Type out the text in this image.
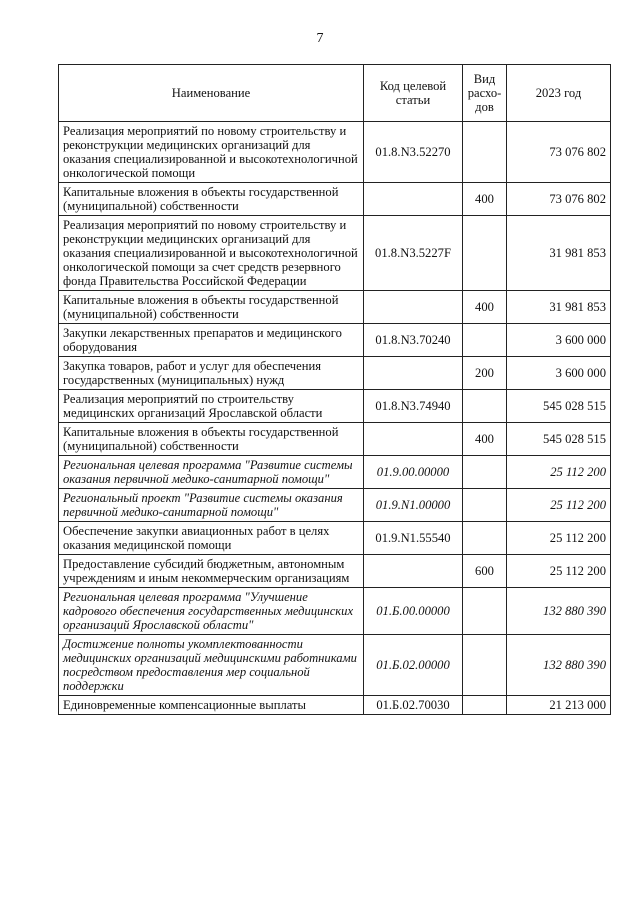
7
Наименование	Код целевой статьи	Вид расхо-дов	2023 год
Реализация мероприятий по новому строительству и реконструкции медицинских организаций для оказания специализированной и высокотехнологичной онкологической помощи	01.8.N3.52270		73 076 802
Капитальные вложения в объекты государственной (муниципальной) собственности		400	73 076 802
Реализация мероприятий по новому строительству и реконструкции медицинских организаций для оказания специализированной и высокотехнологичной онкологической помощи за счет средств резервного фонда Правительства Российской Федерации	01.8.N3.5227F		31 981 853
Капитальные вложения в объекты государственной (муниципальной) собственности		400	31 981 853
Закупки лекарственных препаратов и медицинского оборудования	01.8.N3.70240		3 600 000
Закупка товаров, работ и услуг для обеспечения государственных (муниципальных) нужд		200	3 600 000
Реализация мероприятий по строительству медицинских организаций Ярославской области	01.8.N3.74940		545 028 515
Капитальные вложения в объекты государственной (муниципальной) собственности		400	545 028 515
Региональная целевая программа "Развитие системы оказания первичной медико-санитарной помощи"	01.9.00.00000		25 112 200
Региональный проект "Развитие системы оказания первичной медико-санитарной помощи"	01.9.N1.00000		25 112 200
Обеспечение закупки авиационных работ в целях оказания медицинской помощи	01.9.N1.55540		25 112 200
Предоставление субсидий бюджетным, автономным учреждениям и иным некоммерческим организациям		600	25 112 200
Региональная целевая программа "Улучшение кадрового обеспечения государственных медицинских организаций Ярославской области"	01.Б.00.00000		132 880 390
Достижение полноты укомплектованности медицинских организаций медицинскими работниками посредством предоставления мер социальной поддержки	01.Б.02.00000		132 880 390
Единовременные компенсационные выплаты	01.Б.02.70030		21 213 000
